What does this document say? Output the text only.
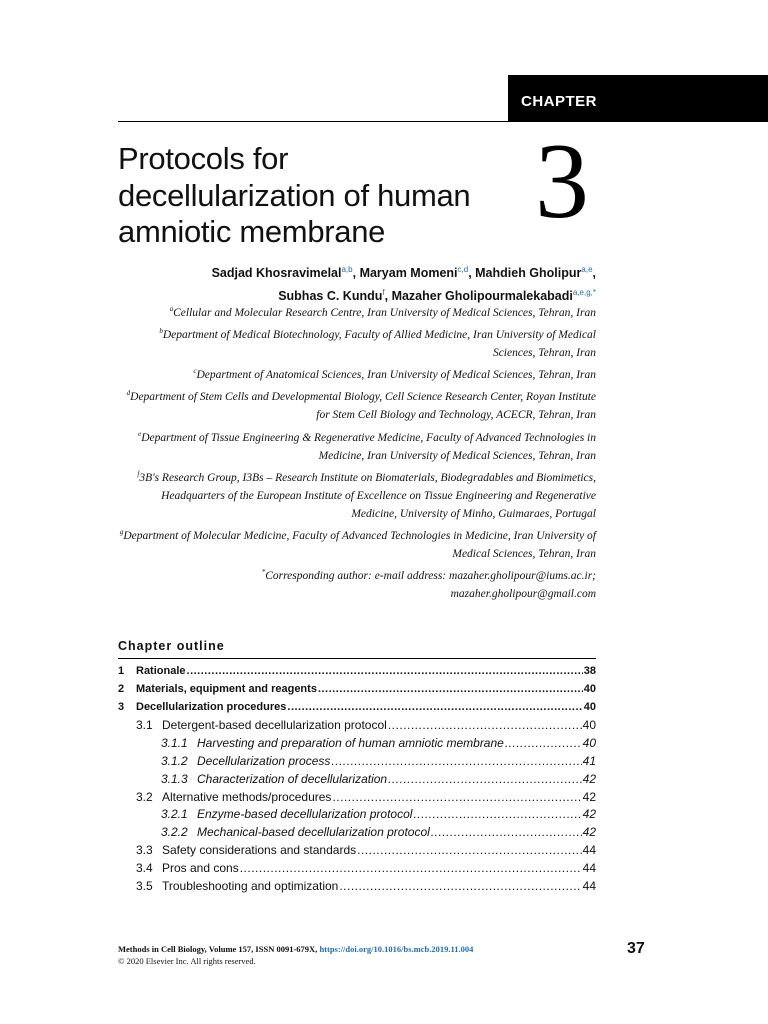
CHAPTER
Protocols for
decellularization of human
amniotic membrane	3
Sadjad Khosravimelal$^{a,b}$, Maryam Momeni$^{c,d}$, Mahdieh Gholipur$^{a,e}$,
Subhas C. Kundu$^f$, Mazaher Gholipourmalekabadi$^{a,e,g,*}$

$^a$Cellular and Molecular Research Centre, Iran University of Medical Sciences, Tehran, Iran

$^b$Department of Medical Biotechnology, Faculty of Allied Medicine, Iran University of Medical Sciences, Tehran, Iran

$^c$Department of Anatomical Sciences, Iran University of Medical Sciences, Tehran, Iran

$^d$Department of Stem Cells and Developmental Biology, Cell Science Research Center, Royan Institute for Stem Cell Biology and Technology, ACECR, Tehran, Iran

$^e$Department of Tissue Engineering & Regenerative Medicine, Faculty of Advanced Technologies in Medicine, Iran University of Medical Sciences, Tehran, Iran

$^f$3B's Research Group, I3Bs – Research Institute on Biomaterials, Biodegradables and Biomimetics, Headquarters of the European Institute of Excellence on Tissue Engineering and Regenerative Medicine, University of Minho, Guimaraes, Portugal

$^g$Department of Molecular Medicine, Faculty of Advanced Technologies in Medicine, Iran University of Medical Sciences, Tehran, Iran

*Corresponding author: e-mail address: mazaher.gholipour@iums.ac.ir; mazaher.gholipour@gmail.com

Chapter outline
1	Rationale .....	38
2	Materials, equipment and reagents .....	40
3	Decellularization procedures .....	40
3.1 Detergent-based decellularization protocol .....	40
3.1.1 Harvesting and preparation of human amniotic membrane .....	40
3.1.2 Decellularization process .....	41
3.1.3 Characterization of decellularization .....	42
3.2 Alternative methods/procedures .....	42
3.2.1 Enzyme-based decellularization protocol .....	42
3.2.2 Mechanical-based decellularization protocol .....	42
3.3 Safety considerations and standards .....	44
3.4 Pros and cons .....	44
3.5 Troubleshooting and optimization .....	44
Methods in Cell Biology, Volume 157, ISSN 0091-679X, https://doi.org/10.1016/bs.mcb.2019.11.004
© 2020 Elsevier Inc. All rights reserved.
37
